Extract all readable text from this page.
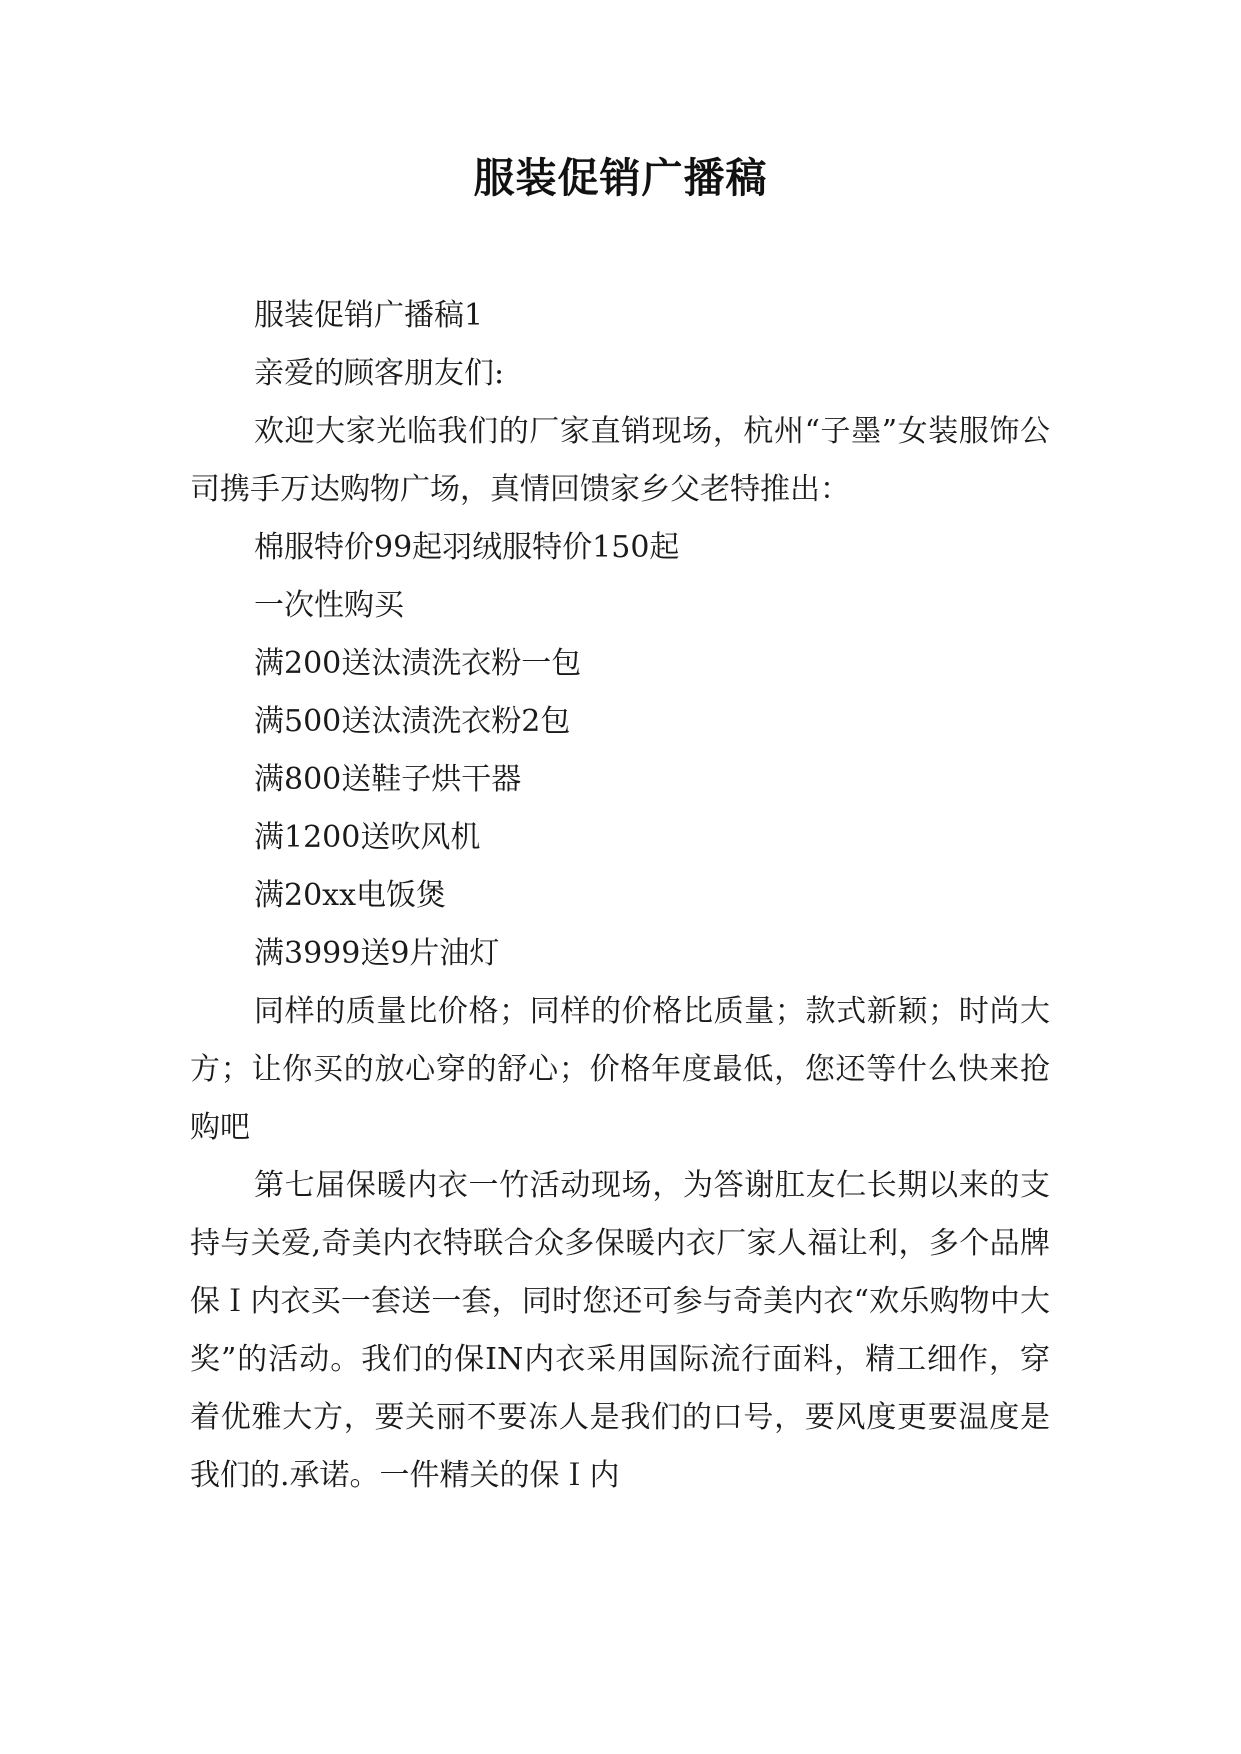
服装促销广播稿

服装促销广播稿1

亲爱的顾客朋友们:

欢迎大家光临我们的厂家直销现场，杭州“子墨”女装服饰公司携手万达购物广场，真情回馈家乡父老特推出：

棉服特价99起羽绒服特价150起

一次性购买

满200送汰渍洗衣粉一包

满500送汰渍洗衣粉2包

满800送鞋子烘干器

满1200送吹风机

满20xx电饭煲

满3999送9片油灯

同样的质量比价格；同样的价格比质量；款式新颖；时尚大方；让你买的放心穿的舒心；价格年度最低，您还等什么快来抢购吧

第七届保暖内衣一竹活动现场，为答谢肛友仁长期以来的支持与关爱,奇美内衣特联合众多保暖内衣厂家人福让利，多个品牌保Ｉ内衣买一套送一套，同时您还可参与奇美内衣“欢乐购物中大奖”的活动。我们的保IN内衣采用国际流行面料，精工细作，穿着优雅大方，要关丽不要冻人是我们的口号，要风度更要温度是我们的.承诺。一件精关的保Ｉ内
